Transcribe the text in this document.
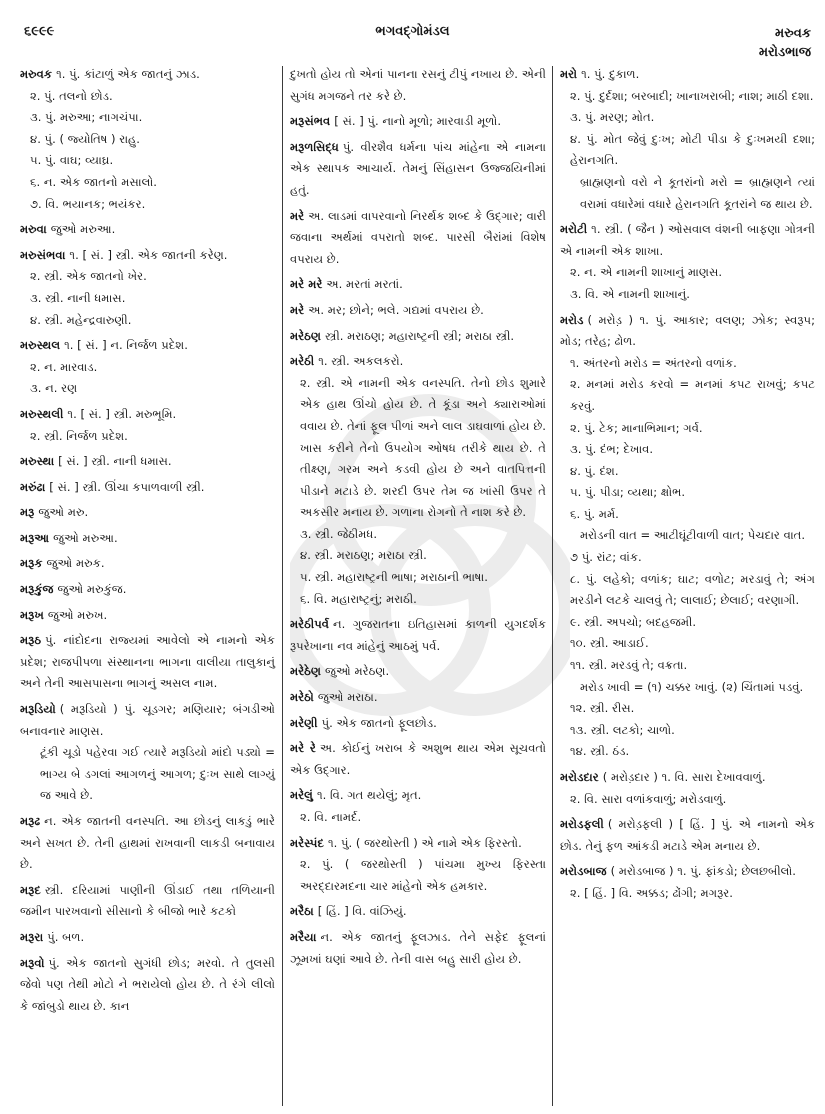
૬૯૯૯	ભગવદ્ગોમંડલ	મરુવક
મરોડભાજ

મરુવક ૧. પું. કાંટાળું એક જાતનું ઝાડ.

૨. પું. તલનો છોડ.

૩. પું. મરુઆ; નાગચંપા.

૪. પું. ( જ્યોતિષ ) રાહુ.

૫. પું. વાઘ; વ્યાઘ્ર.

૬. ન. એક જાતનો મસાલો.

૭. વિ. ભયાનક; ભયંકર.

મરુવા જુઓ મરુઆ.

મરુસંભવા ૧. [ સં. ] સ્ત્રી. એક જાતની કરેણ.

૨. સ્ત્રી. એક જાતનો ખેર.

૩. સ્ત્રી. નાની ધમાસ.

૪. સ્ત્રી. મહેન્દ્રવારુણી.

મરુસ્થલ ૧. [ સં. ] ન. નિર્જળ પ્રદેશ.

૨. ન. મારવાડ.

૩. ન. રણ

મરુસ્થલી ૧. [ સં. ] સ્ત્રી. મરુભૂમિ.

૨. સ્ત્રી. નિર્જળ પ્રદેશ.

મરુસ્થા [ સં. ] સ્ત્રી. નાની ધમાસ.

મરુંઢા [ સં. ] સ્ત્રી. ઊંચા કપાળવાળી સ્ત્રી.

મરૂ જુઓ મરુ.

મરૂઆ જુઓ મરુઆ.

મરૂક જુઓ મરુક.

મરૂકુંજ જુઓ મરુકુંજ.

મરૂખ જુઓ મરુખ.

મરૂઠ પું. નાંદોદના રાજ્યમાં આવેલો એ નામનો એક પ્રદેશ; રાજપીપળા સંસ્થાનના ભાગના વાલીયા તાલુકાનું અને તેની આસપાસના ભાગનું અસલ નામ.

મરૂડિયો ( મરૂડિયો ) પું. ચૂડગર; મણિયાર; બંગડીઓ બનાવનાર માણસ.

ટૂંકી ચૂડો પહેરવા ગઈ ત્યારે મરૂડિયો માંદો પડ્યો = ભાગ્ય બે ડગલાં આગળનું આગળ; દુઃખ સાથે લાગ્યું જ આવે છે.

મરૂઢ ન. એક જાતની વનસ્પતિ. આ છોડનું લાકડું ભારે અને સખત છે. તેની હાથમાં રાખવાની લાકડી બનાવાય છે.

મરૂદ સ્ત્રી. દરિયામાં પાણીની ઊંડાઈ તથા તળિયાની જમીન પારખવાનો સીસાનો કે બીજો ભારે કટકો

મરૂરા પું. બળ.

મરૂવો પું. એક જાતનો સુગંધી છોડ; મરવો. તે તુલસી જેવો પણ તેથી મોટો ને ભરાયેલો હોય છે. તે રંગે લીલો કે જાંબુડો થાય છે. કાન

દુખતો હોય તો એનાં પાનના રસનું ટીપું નખાય છે. એની સુગંધ મગજને તર કરે છે.

મરૂસંભવ [ સં. ] પું. નાનો મૂળો; મારવાડી મૂળો.

મરૂળસિદ્ધ પું. વીરશૈવ ધર્મના પાંચ માંહેના એ નામના એક સ્થાપક આચાર્ય. તેમનું સિંહાસન ઉજ્જયિનીમાં હતું.

મરે અ. લાડમાં વાપરવાનો નિરર્થક શબ્દ કે ઉદ્ગાર; વારી જવાના અર્થમાં વપરાતો શબ્દ. પારસી બૈરાંમાં વિશેષ વપરાય છે.

મરે મરે અ. મરતાં મરતાં.

મરે અ. મર; છોને; ભલે. ગદ્યમાં વપરાય છે.

મરેઠણ સ્ત્રી. મરાઠણ; મહારાષ્ટ્રની સ્ત્રી; મરાઠા સ્ત્રી.

મરેઠી ૧. સ્ત્રી. અકલકરો.

૨. સ્ત્રી. એ નામની એક વનસ્પતિ. તેનો છોડ શુમારે એક હાથ ઊંચો હોય છે. તે કૂંડા અને ક્યારાઓમાં વવાય છે. તેનાં ફૂલ પીળાં અને લાલ ડાઘવાળાં હોય છે. ખાસ કરીને તેનો ઉપયોગ ઓષધ તરીકે થાય છે. તે તીક્ષ્ણ, ગરમ અને કડવી હોય છે અને વાતપિત્તની પીડાને મટાડે છે. શરદી ઉપર તેમ જ ખાંસી ઉપર તે અકસીર મનાય છે. ગળાના રોગનો તે નાશ કરે છે.

૩. સ્ત્રી. જેઠીમધ.

૪. સ્ત્રી. મરાઠણ; મરાઠા સ્ત્રી.

૫. સ્ત્રી. મહારાષ્ટ્રની ભાષા; મરાઠાની ભાષા.

૬. વિ. મહારાષ્ટ્રનું; મરાઠી.

મરેઠીપર્વ ન. ગુજરાતના ઇતિહાસમાં કાળની યુગદર્શક રૂપરેખાના નવ માંહેનું આઠમું પર્વ.

મરેઠેણ જુઓ મરેઠણ.

મરેઠો જુઓ મરાઠા.

મરેણી પું. એક જાતનો ફૂલછોડ.

મરે રે અ. કોઈનું ખરાબ કે અશુભ થાય એમ સૂચવતો એક ઉદ્ગાર.

મરેલું ૧. વિ. ગત થયેલું; મૃત.

૨. વિ. નામર્દ.

મરેસ્પંદ ૧. પું. ( જરથોસ્તી ) એ નામે એક ફિરસ્તો.

૨. પું. ( જરથોસ્તી ) પાંચમા મુખ્ય ફિરસ્તા અરદ્દારમદના ચાર માંહેનો એક હમકાર.

મરૈઠા [ હિં. ] વિ. વાંઝિયું.

મરૈયા ન. એક જાતનું ફૂલઝાડ. તેને સફેદ ફૂલનાં ઝૂમખાં ઘણાં આવે છે. તેની વાસ બહુ સારી હોય છે.

મરો ૧. પું. દુકાળ.

૨. પું. દુર્દશા; બરબાદી; ખાનાખરાબી; નાશ; માઠી દશા.

૩. પું. મરણ; મોત.

૪. પું. મોત જેવું દુઃખ; મોટી પીડા કે દુઃખમયી દશા; હેરાનગતિ.

બ્રાહ્મણનો વરો ને કૂતરાંનો મરો = બ્રાહ્મણને ત્યાં વરામાં વધારેમાં વધારે હેરાનગતિ કૂતરાંને જ થાય છે.

મરોટી ૧. સ્ત્રી. ( જૈન ) ઓસવાલ વંશની બાફણા ગોત્રની એ નામની એક શાખા.

૨. ન. એ નામની શાખાનું માણસ.

૩. વિ. એ નામની શાખાનું.

મરોડ ( મરોડ઼ ) ૧. પું. આકાર; વલણ; ઝોક; સ્વરૂપ; મોડ; તરેહ; ઢોળ.

૧. અંતરનો મરોડ = અંતરનો વળાંક.

૨. મનમાં મરોડ કરવો = મનમાં કપટ રાખવું; કપટ કરવું.

૨. પું. ટેક; માનાભિમાન; ગર્વ.

૩. પું. દંભ; દેખાવ.

૪. પું. દંશ.

૫. પું. પીડા; વ્યથા; ક્ષોભ.

૬. પું. મર્મ.

મરોડની વાત = આટીઘૂંટીવાળી વાત; પેચદાર વાત.

૭ પું. રાંટ; વાંક.

૮. પું. લહેકો; વળાંક; ઘાટ; વળોટ; મરડાવું તે; અંગ મરડીને લટકે ચાલવું તે; લાલાઈ; છેલાઈ; વરણાગી.

૯. સ્ત્રી. અપચો; બદહજમી.

૧૦. સ્ત્રી. આડાઈ.

૧૧. સ્ત્રી. મરડવું તે; વક્રતા.

મરોડ ખાવી = (૧) ચક્કર ખાવું. (૨) ચિંતામાં પડવું.

૧૨. સ્ત્રી. રીસ.

૧૩. સ્ત્રી. લટકો; ચાળો.

૧૪. સ્ત્રી. ઠંડ.

મરોડદાર ( મરોડ઼દાર ) ૧. વિ. સારા દેખાવવાળું.

૨. વિ. સારા વળાંકવાળું; મરોડવાળું.

મરોડફલી ( મરોડ઼ફલી ) [ હિં. ] પું. એ નામનો એક છોડ. તેનું ફળ આંકડી મટાડે એમ મનાય છે.

મરોડબાજ ( મરોડબાજ ) ૧. પું. ફાંકડો; છેલછબીલો.

૨. [ હિં. ] વિ. અક્કડ; ઢોંગી; મગરૂર.
